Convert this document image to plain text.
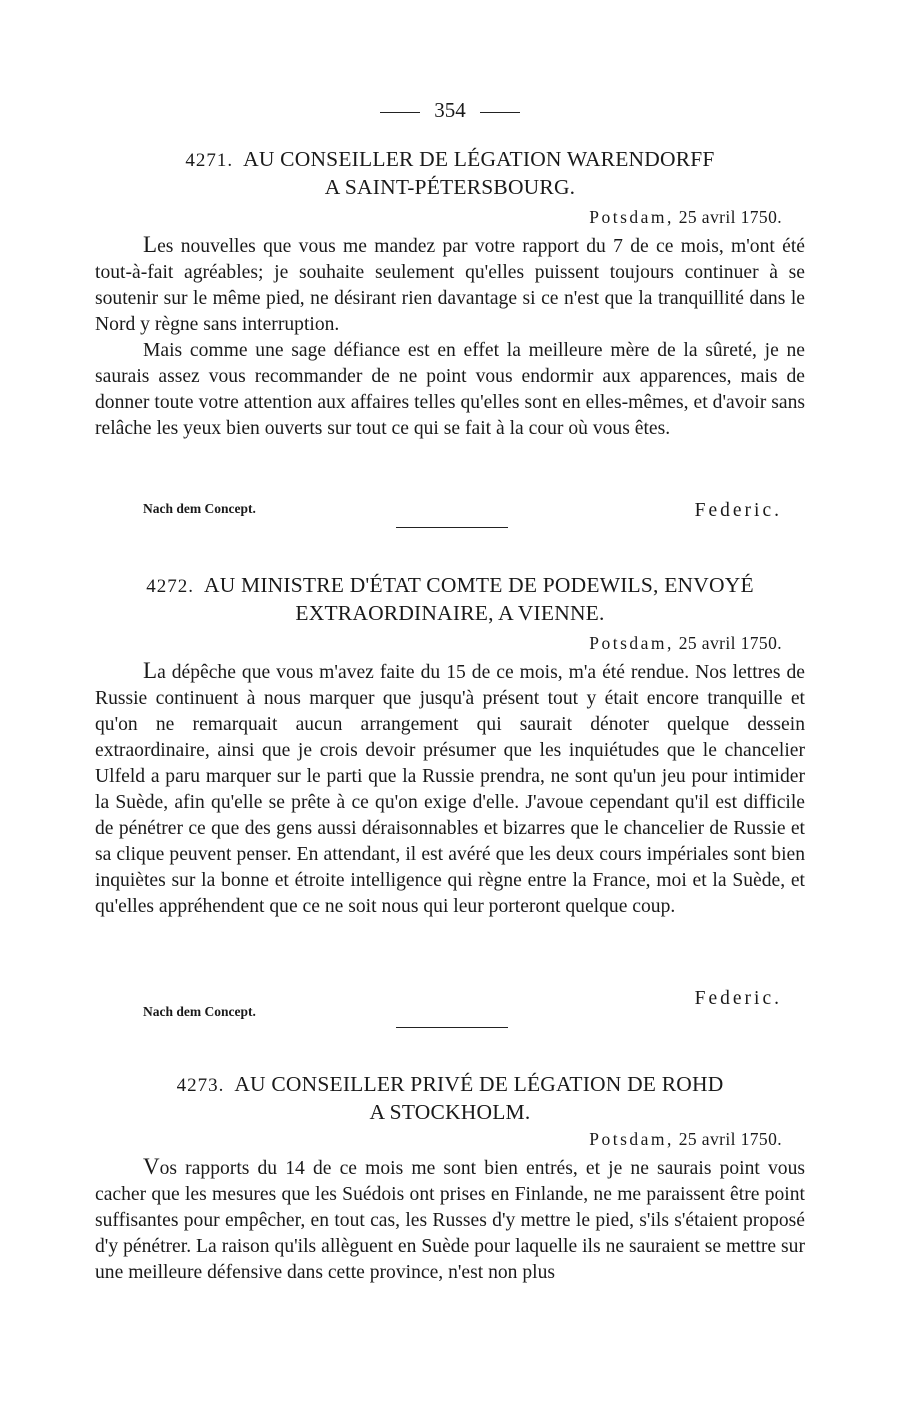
354
4271. AU CONSEILLER DE LÉGATION WARENDORFF
A SAINT-PÉTERSBOURG.
Potsdam, 25 avril 1750.

Les nouvelles que vous me mandez par votre rapport du 7 de ce mois, m'ont été tout-à-fait agréables; je souhaite seulement qu'elles puissent toujours continuer à se soutenir sur le même pied, ne désirant rien davantage si ce n'est que la tranquillité dans le Nord y règne sans interruption.

Mais comme une sage défiance est en effet la meilleure mère de la sûreté, je ne saurais assez vous recommander de ne point vous endormir aux apparences, mais de donner toute votre attention aux affaires telles qu'elles sont en elles-mêmes, et d'avoir sans relâche les yeux bien ouverts sur tout ce qui se fait à la cour où vous êtes.

Nach dem Concept.	Federic.
4272. AU MINISTRE D'ÉTAT COMTE DE PODEWILS, ENVOYÉ
EXTRAORDINAIRE, A VIENNE.
Potsdam, 25 avril 1750.

La dépêche que vous m'avez faite du 15 de ce mois, m'a été rendue. Nos lettres de Russie continuent à nous marquer que jusqu'à présent tout y était encore tranquille et qu'on ne remarquait aucun arrangement qui saurait dénoter quelque dessein extraordinaire, ainsi que je crois devoir présumer que les inquiétudes que le chancelier Ulfeld a paru marquer sur le parti que la Russie prendra, ne sont qu'un jeu pour intimider la Suède, afin qu'elle se prête à ce qu'on exige d'elle. J'avoue cependant qu'il est difficile de pénétrer ce que des gens aussi déraisonnables et bizarres que le chancelier de Russie et sa clique peuvent penser. En attendant, il est avéré que les deux cours impériales sont bien inquiètes sur la bonne et étroite intelligence qui règne entre la France, moi et la Suède, et qu'elles appréhendent que ce ne soit nous qui leur porteront quelque coup.

Federic.
Nach dem Concept.
4273. AU CONSEILLER PRIVÉ DE LÉGATION DE ROHD
A STOCKHOLM.
Potsdam, 25 avril 1750.

Vos rapports du 14 de ce mois me sont bien entrés, et je ne saurais point vous cacher que les mesures que les Suédois ont prises en Finlande, ne me paraissent être point suffisantes pour empêcher, en tout cas, les Russes d'y mettre le pied, s'ils s'étaient proposé d'y pénétrer. La raison qu'ils allèguent en Suède pour laquelle ils ne sauraient se mettre sur une meilleure défensive dans cette province, n'est non plus
